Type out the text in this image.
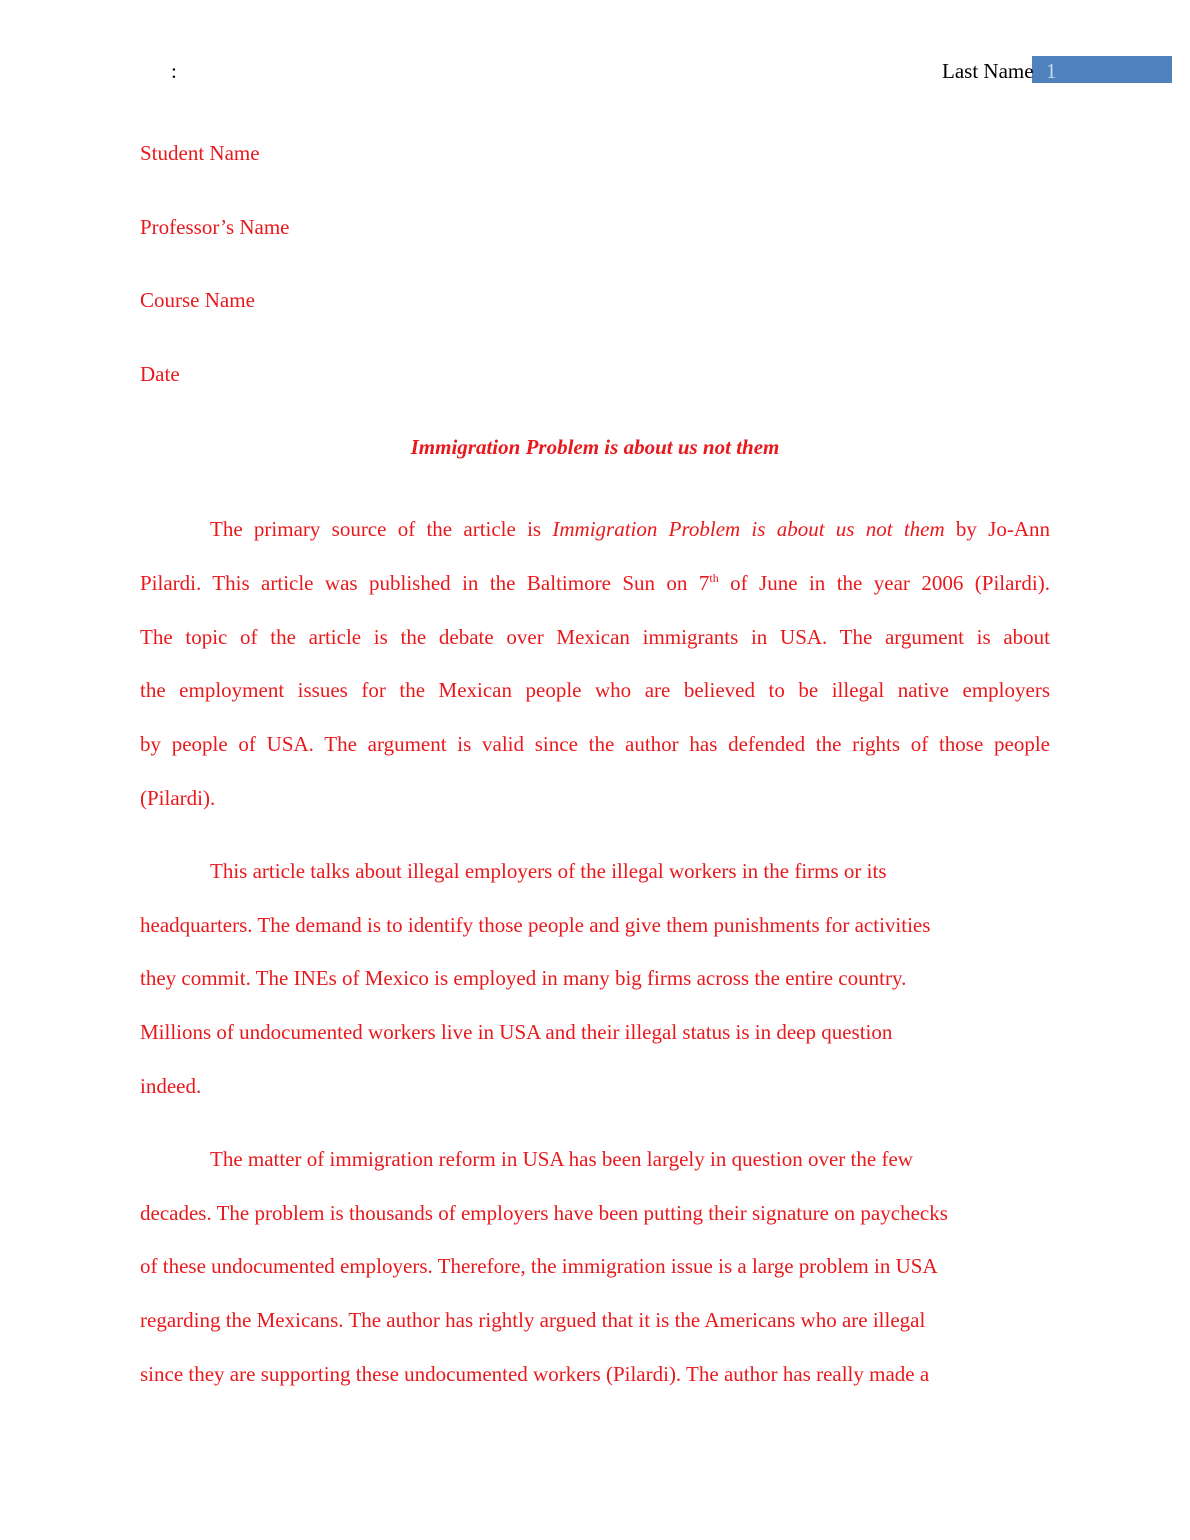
:	1
Last Name
Student Name
Professor’s Name
Course Name
Date
Immigration Problem is about us not them
The primary source of the article is Immigration Problem is about us not them by Jo-Ann
Pilardi. This article was published in the Baltimore Sun on 7th of June in the year 2006 (Pilardi).
The topic of the article is the debate over Mexican immigrants in USA. The argument is about
the employment issues for the Mexican people who are believed to be illegal native employers
by people of USA. The argument is valid since the author has defended the rights of those people
(Pilardi).
This article talks about illegal employers of the illegal workers in the firms or its
headquarters. The demand is to identify those people and give them punishments for activities
they commit. The INEs of Mexico is employed in many big firms across the entire country.
Millions of undocumented workers live in USA and their illegal status is in deep question
indeed.
The matter of immigration reform in USA has been largely in question over the few
decades. The problem is thousands of employers have been putting their signature on paychecks
of these undocumented employers. Therefore, the immigration issue is a large problem in USA
regarding the Mexicans. The author has rightly argued that it is the Americans who are illegal
since they are supporting these undocumented workers (Pilardi). The author has really made a
